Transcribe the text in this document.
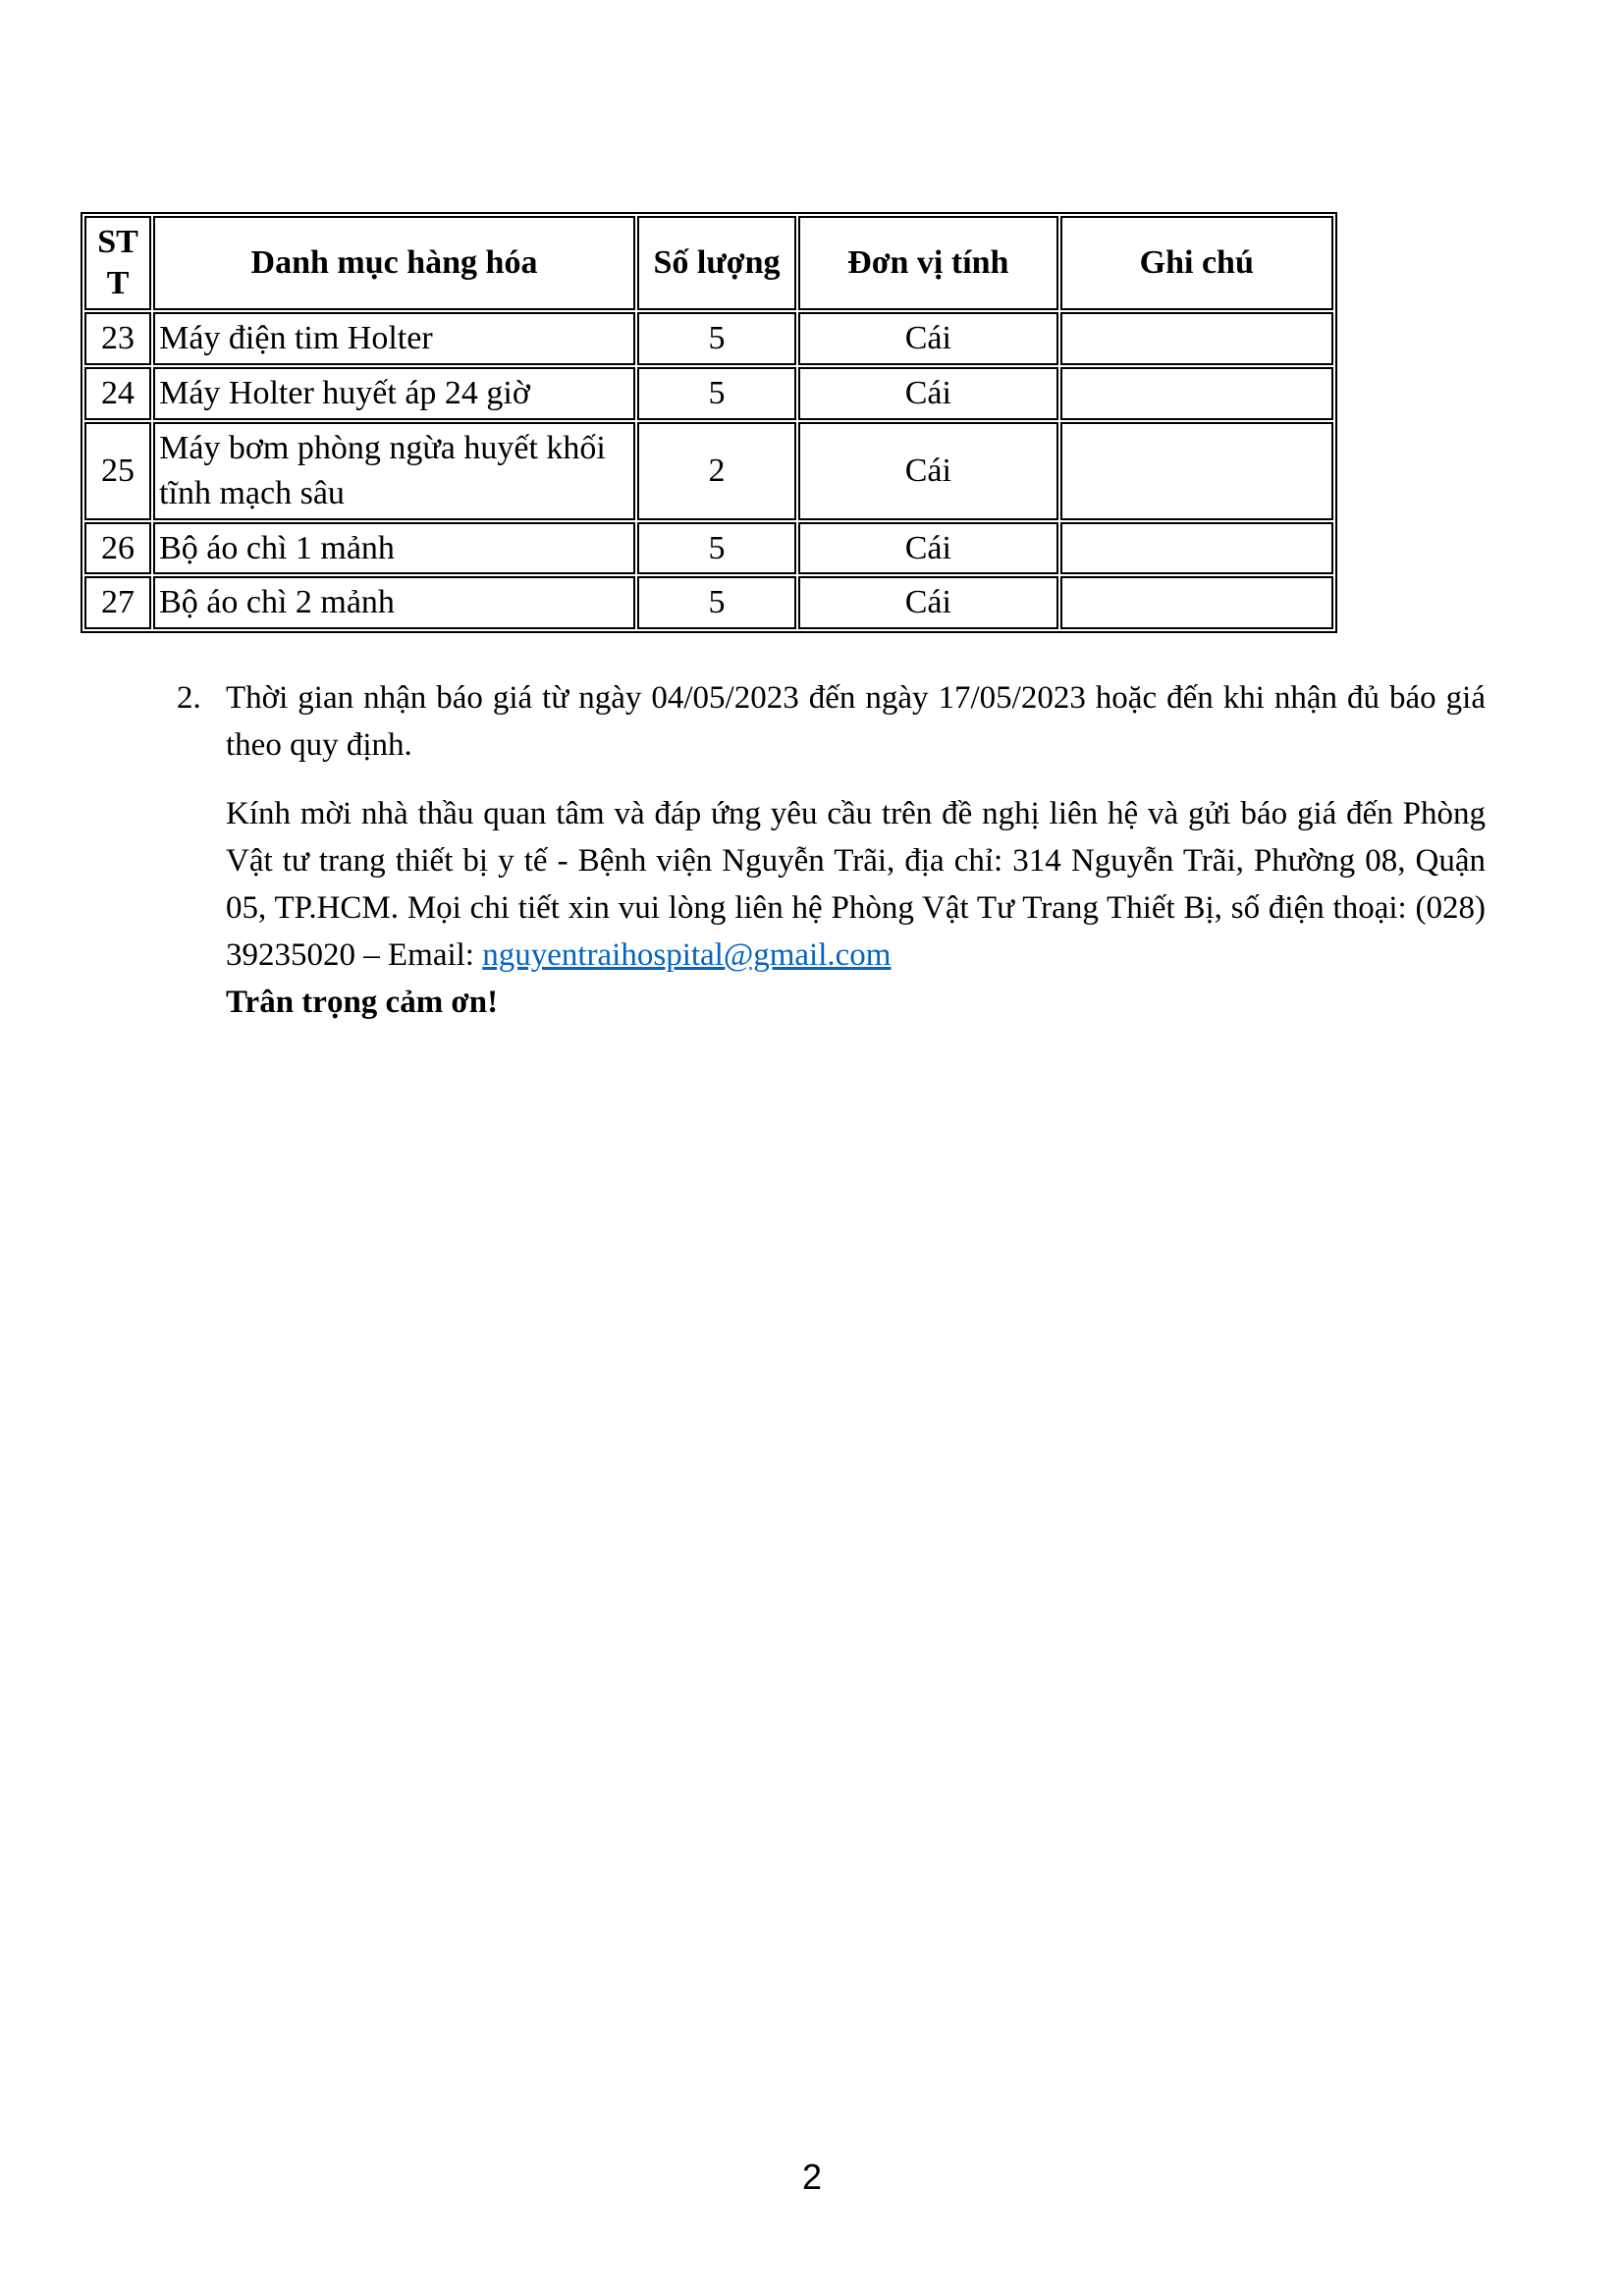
STT	Danh mục hàng hóa	Số lượng	Đơn vị tính	Ghi chú
23	Máy điện tim Holter	5	Cái	
24	Máy Holter huyết áp 24 giờ	5	Cái	
25	Máy bơm phòng ngừa huyết khối tĩnh mạch sâu	2	Cái	
26	Bộ áo chì 1 mảnh	5	Cái	
27	Bộ áo chì 2 mảnh	5	Cái	
2. Thời gian nhận báo giá từ ngày 04/05/2023 đến ngày 17/05/2023 hoặc đến khi nhận đủ báo giá theo quy định.

Kính mời nhà thầu quan tâm và đáp ứng yêu cầu trên đề nghị liên hệ và gửi báo giá đến Phòng Vật tư trang thiết bị y tế - Bệnh viện Nguyễn Trãi, địa chỉ: 314 Nguyễn Trãi, Phường 08, Quận 05, TP.HCM. Mọi chi tiết xin vui lòng liên hệ Phòng Vật Tư Trang Thiết Bị, số điện thoại: (028) 39235020 – Email: nguyentraihospital@gmail.com

Trân trọng cảm ơn!

2
